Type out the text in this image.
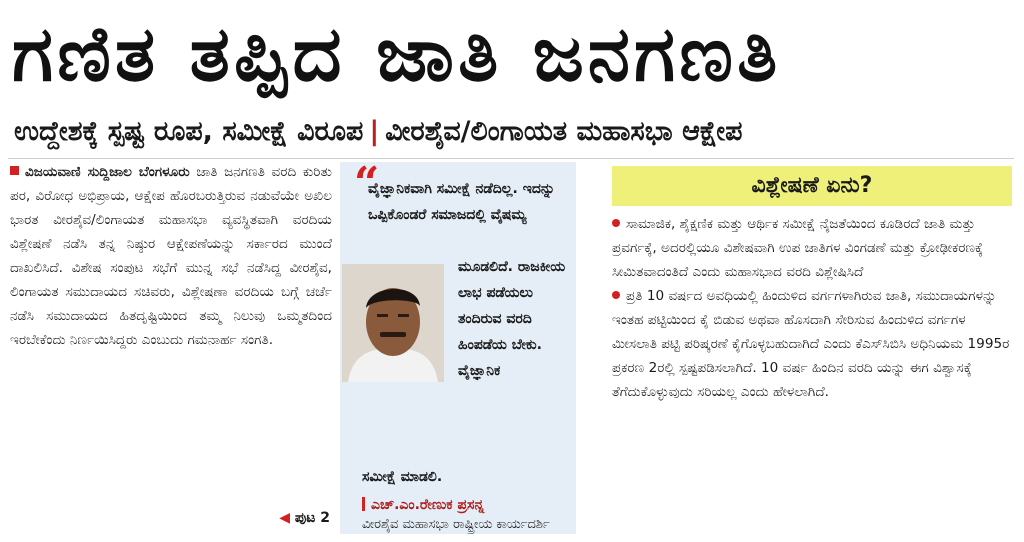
ಗಣಿತ ತಪ್ಪಿದ ಜಾತಿ ಜನಗಣತಿ
ಉದ್ದೇಶಕ್ಕೆ ಸ್ಪಷ್ಟ ರೂಪ, ಸಮೀಕ್ಷೆ ವಿರೂಪ | ವೀರಶೈವ/ಲಿಂಗಾಯತ ಮಹಾಸಭಾ ಆಕ್ಷೇಪ
ವಿಜಯವಾಣಿ ಸುದ್ದಿಜಾಲ ಬೆಂಗಳೂರು ಜಾತಿ ಜನಗಣತಿ ವರದಿ ಕುರಿತು ಪರ, ವಿರೋಧ ಅಭಿಪ್ರಾಯ, ಆಕ್ಷೇಪ ಹೊರಬರುತ್ತಿರುವ ನಡುವೆಯೇ ಅಖಿಲ ಭಾರತ ವೀರಶೈವ/ಲಿಂಗಾಯತ ಮಹಾಸಭಾ ವ್ಯವಸ್ಥಿತವಾಗಿ ವರದಿಯ ವಿಶ್ಲೇಷಣೆ ನಡೆಸಿ ತನ್ನ ನಿಷ್ಠುರ ಆಕ್ಷೇಪಣೆಯನ್ನು ಸರ್ಕಾರದ ಮುಂದೆ ದಾಖಲಿಸಿದೆ. ವಿಶೇಷ ಸಂಪುಟ ಸಭೆಗೆ ಮುನ್ನ ಸಭೆ ನಡೆಸಿದ್ದ ವೀರಶೈವ, ಲಿಂಗಾಯತ ಸಮುದಾಯದ ಸಚಿವರು, ವಿಶ್ಲೇಷಣಾ ವರದಿಯ ಬಗ್ಗೆ ಚರ್ಚೆ ನಡೆಸಿ ಸಮುದಾಯದ ಹಿತದೃಷ್ಟಿಯಿಂದ ತಮ್ಮ ನಿಲುವು ಒಮ್ಮತದಿಂದ ಇರಬೇಕೆಂದು ನಿರ್ಣಯಿಸಿದ್ದರು ಎಂಬುದು ಗಮನಾರ್ಹ ಸಂಗತಿ.
◀ ಪುಟ 2
“
ವೈಜ್ಞಾನಿಕವಾಗಿ ಸಮೀಕ್ಷೆ ನಡೆದಿಲ್ಲ. ಇದನ್ನು ಒಪ್ಪಿಕೊಂಡರೆ ಸಮಾಜದಲ್ಲಿ ವೈಷಮ್ಯ
ಮೂಡಲಿದೆ. ರಾಜಕೀಯ ಲಾಭ ಪಡೆಯಲು ತಂದಿರುವ ವರದಿ ಹಿಂಪಡೆಯ ಬೇಕು. ವೈಜ್ಞಾನಿಕ
ಸಮೀಕ್ಷೆ ಮಾಡಲಿ.
ಎಚ್.ಎಂ.ರೇಣುಕ ಪ್ರಸನ್ನ
ವೀರಶೈವ ಮಹಾಸಭಾ ರಾಷ್ಟ್ರೀಯ ಕಾರ್ಯದರ್ಶಿ
ವಿಶ್ಲೇಷಣೆ ಏನು?

ಸಾಮಾಜಿಕ, ಶೈಕ್ಷಣಿಕ ಮತ್ತು ಆರ್ಥಿಕ ಸಮೀಕ್ಷೆ ನೈಜತೆಯಿಂದ ಕೂಡಿರದೆ ಜಾತಿ ಮತ್ತು ಪ್ರವರ್ಗಕ್ಕೆ, ಅದರಲ್ಲಿಯೂ ವಿಶೇಷವಾಗಿ ಉಪ ಜಾತಿಗಳ ವಿಂಗಡಣೆ ಮತ್ತು ಕ್ರೋಢೀಕರಣಕ್ಕೆ ಸೀಮಿತವಾದಂತಿದೆ ಎಂದು ಮಹಾಸಭಾದ ವರದಿ ವಿಶ್ಲೇಷಿಸಿದೆ

ಪ್ರತಿ 10 ವರ್ಷದ ಅವಧಿಯಲ್ಲಿ ಹಿಂದುಳಿದ ವರ್ಗಗಳಾಗಿರುವ ಜಾತಿ, ಸಮುದಾಯಗಳನ್ನು ಇಂತಹ ಪಟ್ಟಿಯಿಂದ ಕೈ ಬಿಡುವ ಅಥವಾ ಹೊಸದಾಗಿ ಸೇರಿಸುವ ಹಿಂದುಳಿದ ವರ್ಗಗಳ ಮೀಸಲಾತಿ ಪಟ್ಟಿ ಪರಿಷ್ಕರಣೆ ಕೈಗೊಳ್ಳಬಹುದಾಗಿದೆ ಎಂದು ಕೆಎಸ್‌ಸಿಬಿಸಿ ಅಧಿನಿಯಮ 1995ರ ಪ್ರಕರಣ 2ರಲ್ಲಿ ಸ್ಪಷ್ಟಪಡಿಸಲಾಗಿದೆ. 10 ವರ್ಷ ಹಿಂದಿನ ವರದಿ ಯನ್ನು ಈಗ ವಿಶ್ವಾಸಕ್ಕೆ ತೆಗೆದುಕೊಳ್ಳುವುದು ಸರಿಯಲ್ಲ ಎಂದು ಹೇಳಲಾಗಿದೆ.
